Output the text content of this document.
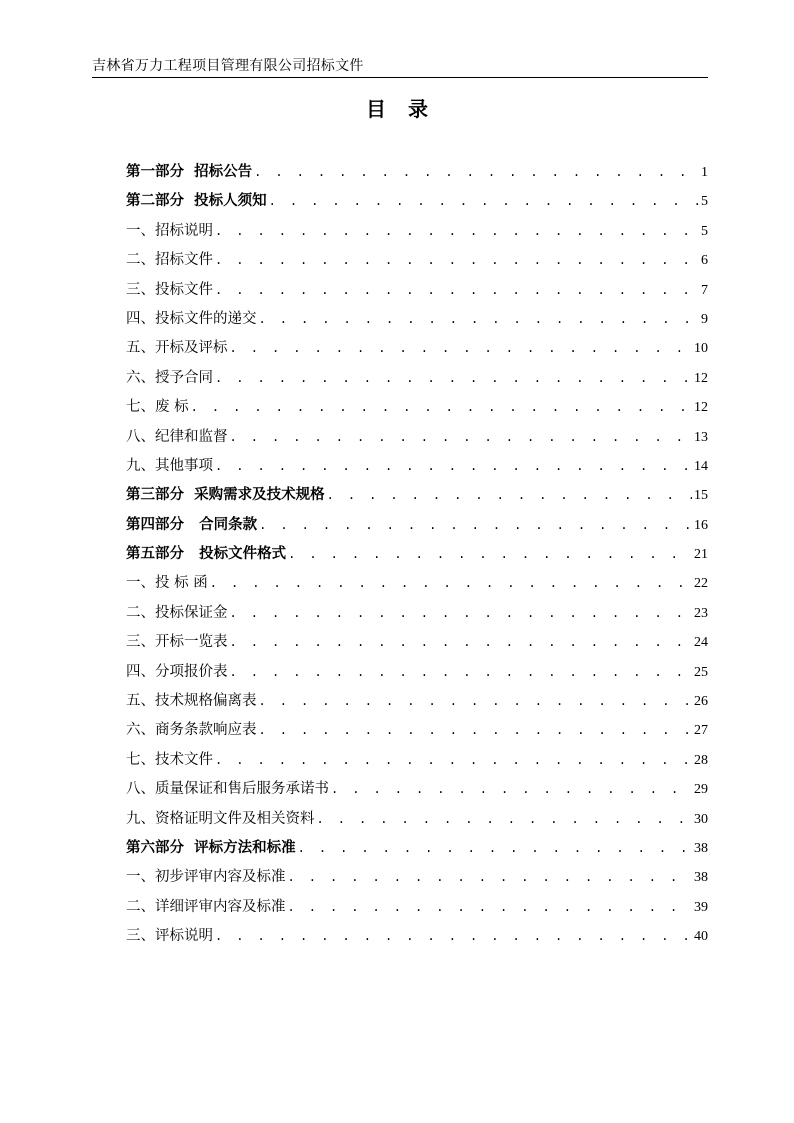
吉林省万力工程项目管理有限公司招标文件
目录
第一部分  招标公告 . . .	1
第二部分  投标人须知 . . .	5
一、招标说明 . . .	5
二、招标文件 . . .	6
三、投标文件 . . .	7
四、投标文件的递交 . . .	9
五、开标及评标 . . .	10
六、授予合同 . . .	12
七、废 标 . . .	12
八、纪律和监督 . . .	13
九、其他事项 . . .	14
第三部分  采购需求及技术规格 . . .	15
第四部分   合同条款 . . .	16
第五部分   投标文件格式 . . .	21
一、投 标 函 . . .	22
二、投标保证金 . . .	23
三、开标一览表 . . .	24
四、分项报价表 . . .	25
五、技术规格偏离表 . . .	26
六、商务条款响应表 . . .	27
七、技术文件 . . .	28
八、质量保证和售后服务承诺书 . . .	29
九、资格证明文件及相关资料 . . .	30
第六部分  评标方法和标准 . . .	38
一、初步评审内容及标准 . . .	38
二、详细评审内容及标准 . . .	39
三、评标说明 . . .	40
